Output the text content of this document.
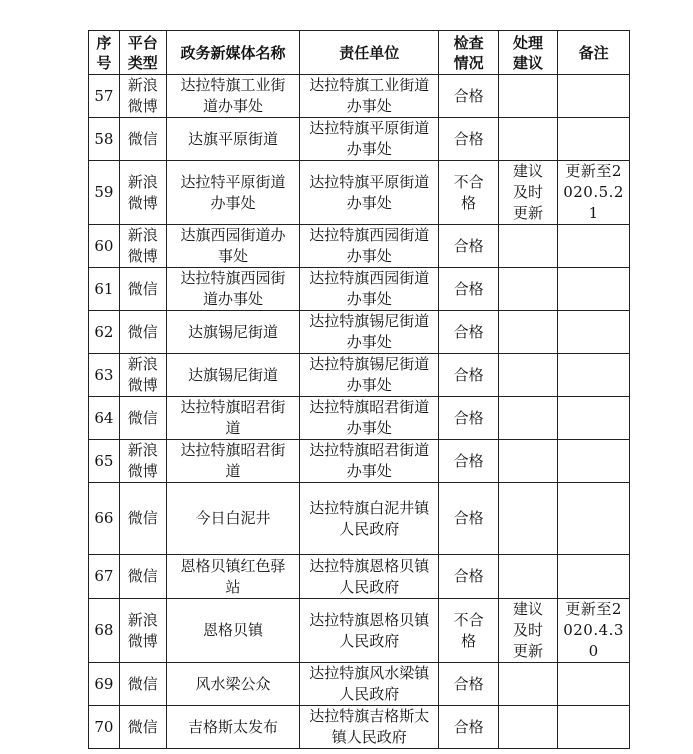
序号	平台类型	政务新媒体名称	责任单位	检查情况	处理建议	备注

57	新浪微博	达拉特旗工业街道办事处	达拉特旗工业街道办事处	合格		

58	微信	达旗平原街道	达拉特旗平原街道办事处	合格		

59	新浪微博	达拉特平原街道办事处	达拉特旗平原街道办事处	不合格	建议及时更新	更新至2020.5.21

60	新浪微博	达旗西园街道办事处	达拉特旗西园街道办事处	合格		

61	微信	达拉特旗西园街道办事处	达拉特旗西园街道办事处	合格		

62	微信	达旗锡尼街道	达拉特旗锡尼街道办事处	合格		

63	新浪微博	达旗锡尼街道	达拉特旗锡尼街道办事处	合格		

64	微信	达拉特旗昭君街道	达拉特旗昭君街道办事处	合格		

65	新浪微博	达拉特旗昭君街道	达拉特旗昭君街道办事处	合格		

66	微信	今日白泥井	达拉特旗白泥井镇人民政府	合格		

67	微信	恩格贝镇红色驿站	达拉特旗恩格贝镇人民政府	合格		

68	新浪微博	恩格贝镇	达拉特旗恩格贝镇人民政府	不合格	建议及时更新	更新至2020.4.30

69	微信	风水梁公众	达拉特旗风水梁镇人民政府	合格		

70	微信	吉格斯太发布	达拉特旗吉格斯太镇人民政府	合格		
